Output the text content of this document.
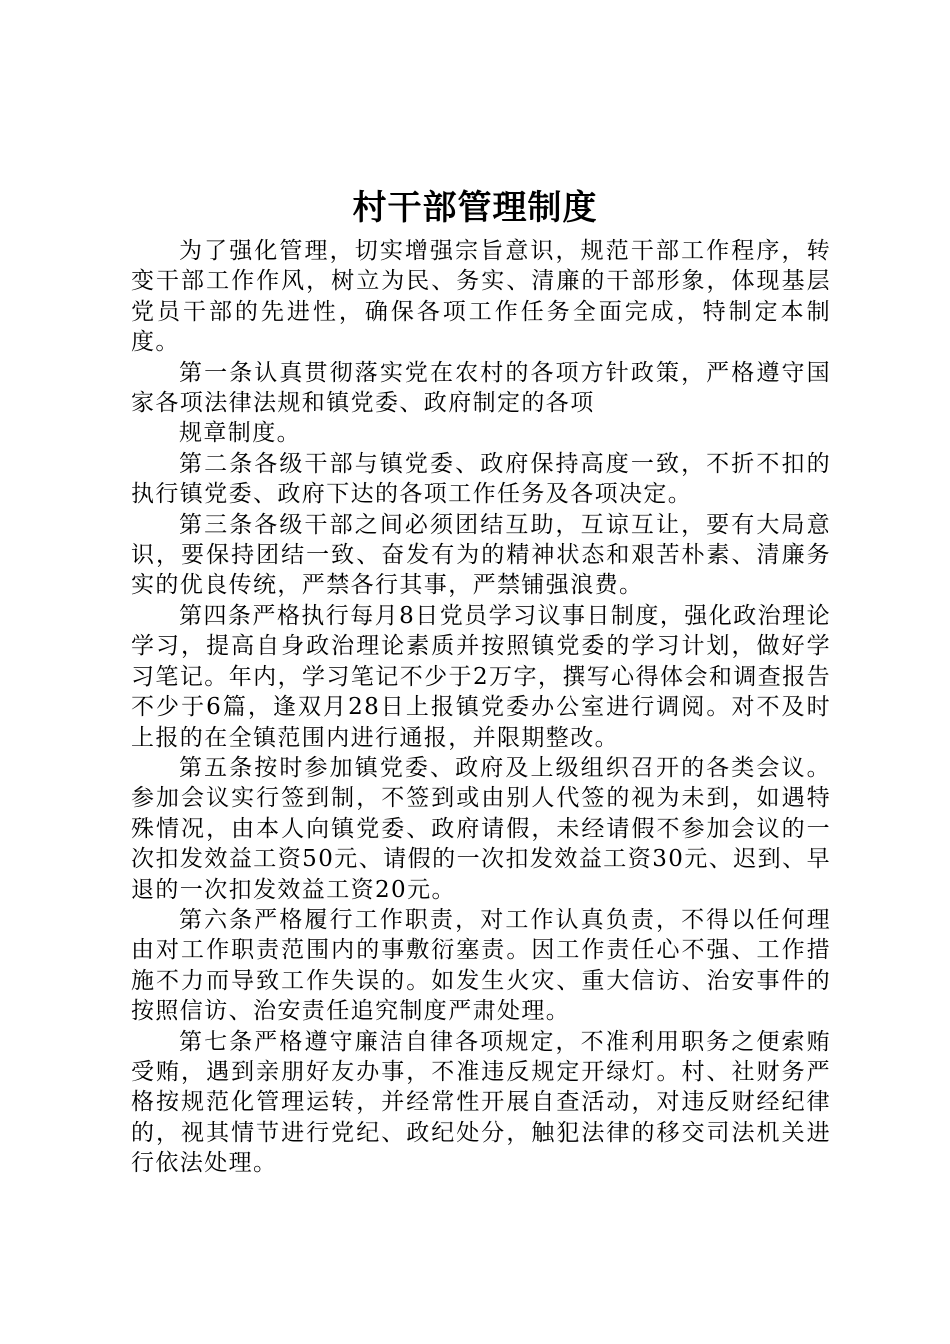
村干部管理制度

为了强化管理，切实增强宗旨意识，规范干部工作程序，转变干部工作作风，树立为民、务实、清廉的干部形象，体现基层党员干部的先进性，确保各项工作任务全面完成，特制定本制度。

第一条认真贯彻落实党在农村的各项方针政策，严格遵守国家各项法律法规和镇党委、政府制定的各项

规章制度。

第二条各级干部与镇党委、政府保持高度一致，不折不扣的执行镇党委、政府下达的各项工作任务及各项决定。

第三条各级干部之间必须团结互助，互谅互让，要有大局意识，要保持团结一致、奋发有为的精神状态和艰苦朴素、清廉务实的优良传统，严禁各行其事，严禁铺强浪费。

第四条严格执行每月8日党员学习议事日制度，强化政治理论学习，提高自身政治理论素质并按照镇党委的学习计划，做好学习笔记。年内，学习笔记不少于2万字，撰写心得体会和调查报告不少于6篇，逢双月28日上报镇党委办公室进行调阅。对不及时上报的在全镇范围内进行通报，并限期整改。

第五条按时参加镇党委、政府及上级组织召开的各类会议。参加会议实行签到制，不签到或由别人代签的视为未到，如遇特殊情况，由本人向镇党委、政府请假，未经请假不参加会议的一次扣发效益工资50元、请假的一次扣发效益工资30元、迟到、早退的一次扣发效益工资20元。

第六条严格履行工作职责，对工作认真负责，不得以任何理由对工作职责范围内的事敷衍塞责。因工作责任心不强、工作措施不力而导致工作失误的。如发生火灾、重大信访、治安事件的按照信访、治安责任追究制度严肃处理。

第七条严格遵守廉洁自律各项规定，不准利用职务之便索贿受贿，遇到亲朋好友办事，不准违反规定开绿灯。村、社财务严格按规范化管理运转，并经常性开展自查活动，对违反财经纪律的，视其情节进行党纪、政纪处分，触犯法律的移交司法机关进行依法处理。
